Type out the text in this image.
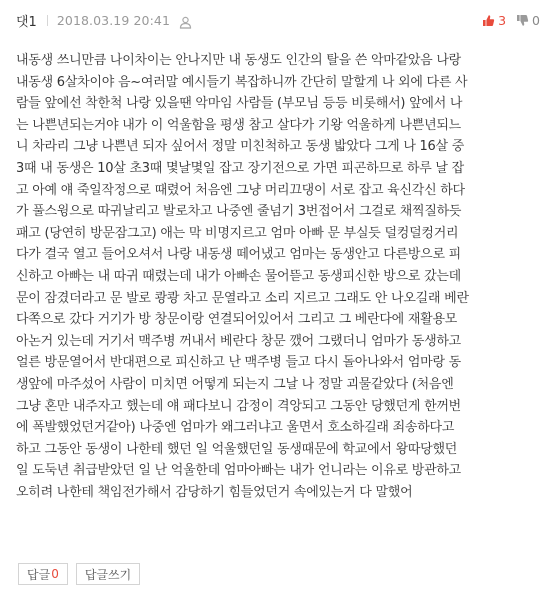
댓1 2018.03.19 20:41	3 0
내동생 쓰니만큼 나이차이는 안나지만 내 동생도 인간의 탈을 쓴 악마같았음 나랑
내동생 6살차이야 음~여러말 예시들기 복잡하니까 간단히 말할게 나 외에 다른 사
람들 앞에선 착한척 나랑 있을땐 악마임 사람들 (부모님 등등 비롯해서) 앞에서 나
는 나쁜년되는거야 내가 이 억울함을 평생 참고 살다가 기왕 억울하게 나쁜년되느
니 차라리 그냥 나쁜년 되자 싶어서 정말 미친척하고 동생 밟았다 그게 나 16살 중
3때 내 동생은 10살 초3때 몇날몇일 잡고 장기전으로 가면 피곤하므로 하루 날 잡
고 아예 얘 죽일작정으로 때렸어 처음엔 그냥 머리끄댕이 서로 잡고 육신각신 하다
가 풀스윙으로 따귀날리고 발로차고 나중엔 줄넘기 3번접어서 그걸로 채찍질하듯
패고 (당연히 방문잠그고) 애는 막 비명지르고 엄마 아빠 문 부실듯 덜컹덜컹거리
다가 결국 열고 들어오셔서 나랑 내동생 떼어냈고 엄마는 동생안고 다른방으로 피
신하고 아빠는 내 따귀 때렸는데 내가 아빠손 물어뜯고 동생피신한 방으로 갔는데
문이 잠겼더라고 문 발로 쾅쾅 차고 문열라고 소리 지르고 그래도 안 나오길래 베란
다쪽으로 갔다 거기가 방 창문이랑 연결되어있어서 그리고 그 베란다에 재활용모
아논거 있는데 거기서 맥주병 꺼내서 베란다 창문 깼어 그랬더니 엄마가 동생하고
얼른 방문열어서 반대편으로 피신하고 난 맥주병 들고 다시 돌아나와서 엄마랑 동
생앞에 마주섰어 사람이 미치면 어떻게 되는지 그날 나 정말 괴물같았다 (처음엔
그냥 혼만 내주자고 했는데 얘 패다보니 감정이 격앙되고 그동안 당했던게 한꺼번
에 폭발했었던거같아) 나중엔 엄마가 왜그러냐고 울면서 호소하길래 죄송하다고
하고 그동안 동생이 나한테 했던 일 억울했던일 동생때문에 학교에서 왕따당했던
일 도둑년 취급받았던 일 난 억울한데 엄마아빠는 내가 언니라는 이유로 방관하고
오히려 나한테 책임전가해서 감당하기 힘들었던거 속에있는거 다 말했어
답글 0 답글쓰기
